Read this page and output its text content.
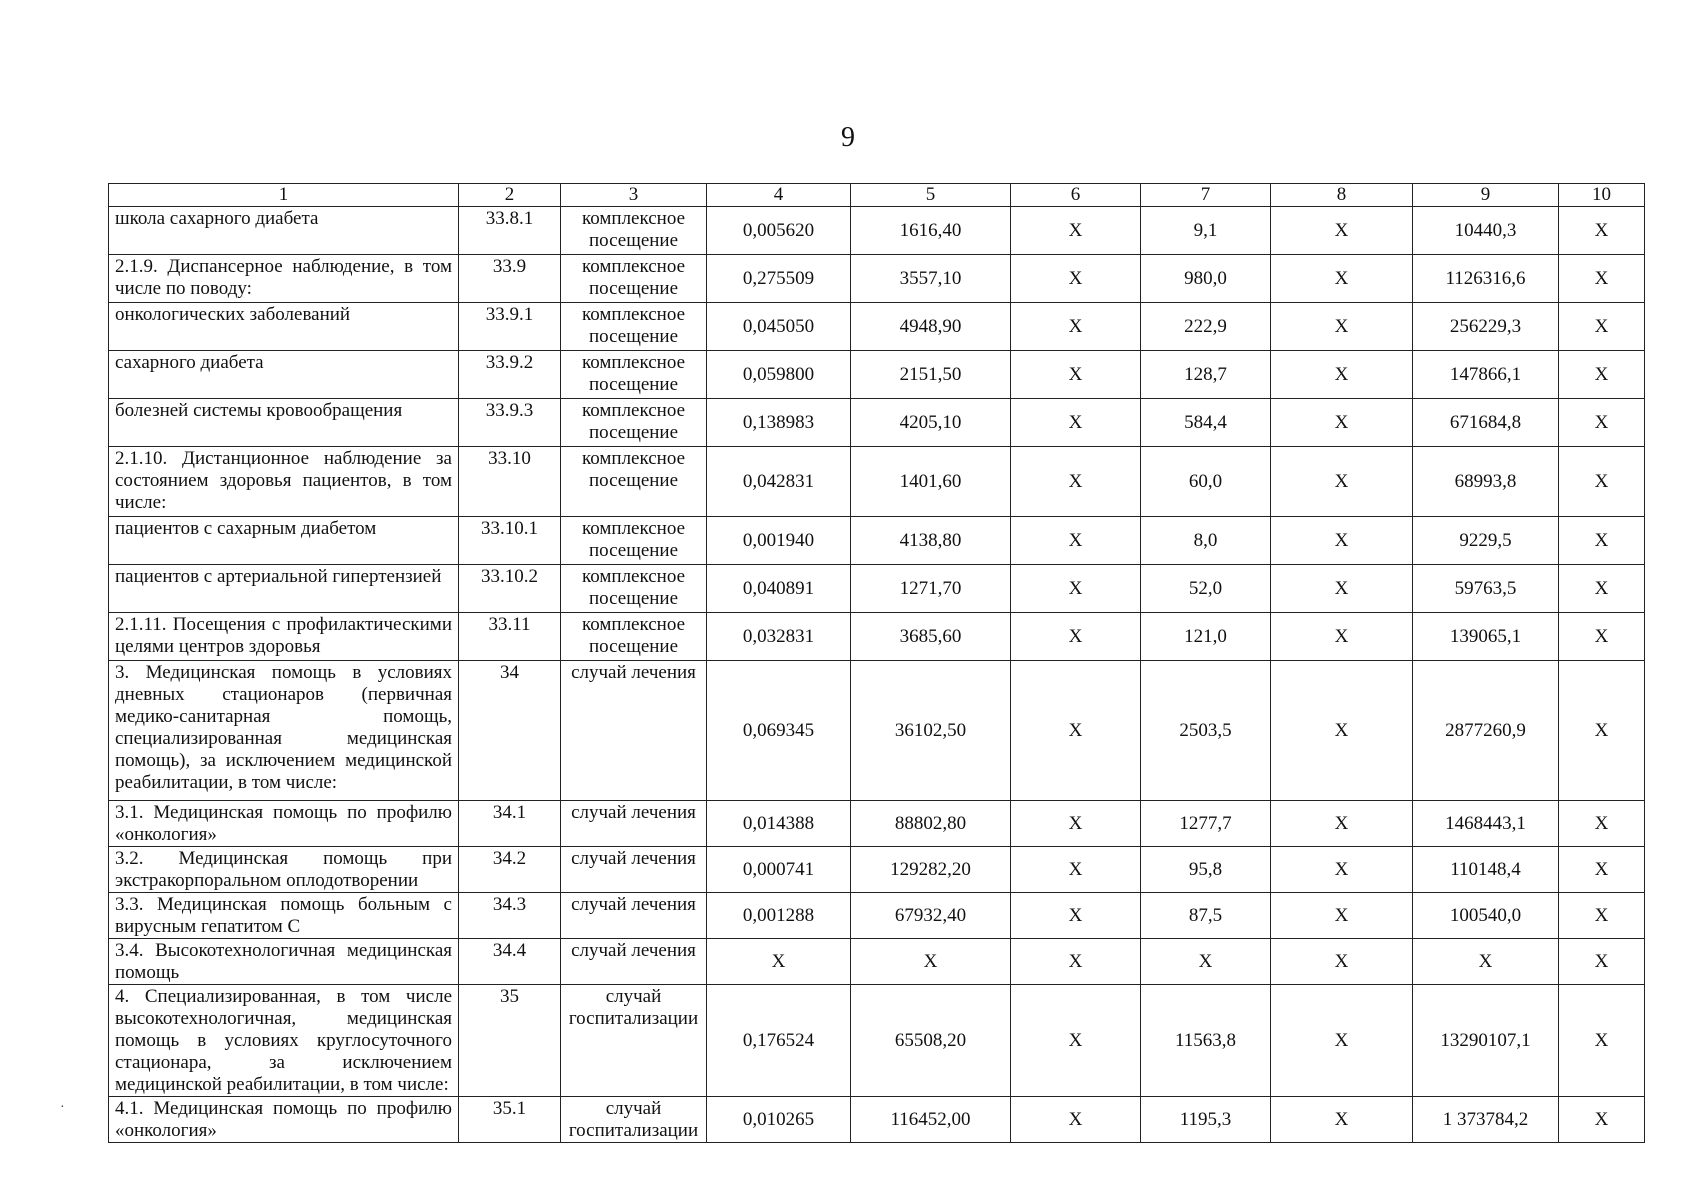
9
1	2	3	4	5	6	7	8	9	10
школа сахарного диабета	33.8.1	комплексное посещение	0,005620	1616,40	X	9,1	X	10440,3	X
2.1.9. Диспансерное наблюдение, в том числе по поводу:	33.9	комплексное посещение	0,275509	3557,10	X	980,0	X	1126316,6	X
онкологических заболеваний	33.9.1	комплексное посещение	0,045050	4948,90	X	222,9	X	256229,3	X
сахарного диабета	33.9.2	комплексное посещение	0,059800	2151,50	X	128,7	X	147866,1	X
болезней системы кровообращения	33.9.3	комплексное посещение	0,138983	4205,10	X	584,4	X	671684,8	X
2.1.10. Дистанционное наблюдение за состоянием здоровья пациентов, в том числе:	33.10	комплексное посещение	0,042831	1401,60	X	60,0	X	68993,8	X
пациентов с сахарным диабетом	33.10.1	комплексное посещение	0,001940	4138,80	X	8,0	X	9229,5	X
пациентов с артериальной гипертензией	33.10.2	комплексное посещение	0,040891	1271,70	X	52,0	X	59763,5	X
2.1.11. Посещения с профилактическими целями центров здоровья	33.11	комплексное посещение	0,032831	3685,60	X	121,0	X	139065,1	X
3. Медицинская помощь в условиях дневных стационаров (первичная медико-санитарная помощь, специализированная медицинская помощь), за исключением медицинской реабилитации, в том числе:	34	случай лечения	0,069345	36102,50	X	2503,5	X	2877260,9	X
3.1. Медицинская помощь по профилю «онкология»	34.1	случай лечения	0,014388	88802,80	X	1277,7	X	1468443,1	X
3.2. Медицинская помощь при экстракорпоральном оплодотворении	34.2	случай лечения	0,000741	129282,20	X	95,8	X	110148,4	X
3.3. Медицинская помощь больным с вирусным гепатитом С	34.3	случай лечения	0,001288	67932,40	X	87,5	X	100540,0	X
3.4. Высокотехнологичная медицинская помощь	34.4	случай лечения	X	X	X	X	X	X	X
4. Специализированная, в том числе высокотехнологичная, медицинская помощь в условиях круглосуточного стационара, за исключением медицинской реабилитации, в том числе:	35	случай госпитализации	0,176524	65508,20	X	11563,8	X	13290107,1	X
4.1. Медицинская помощь по профилю «онкология»	35.1	случай госпитализации	0,010265	116452,00	X	1195,3	X	1 373784,2	X
·
